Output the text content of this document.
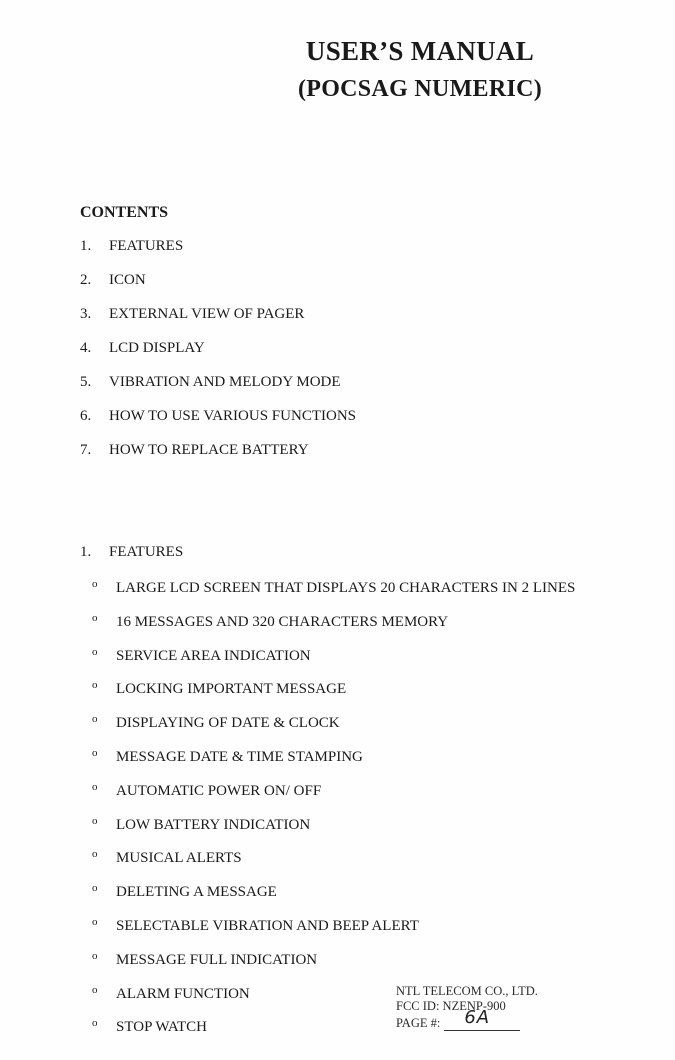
USER’S MANUAL
(POCSAG NUMERIC)
CONTENTS
1.	FEATURES
2.	ICON
3.	EXTERNAL VIEW OF PAGER
4.	LCD DISPLAY
5.	VIBRATION AND MELODY MODE
6.	HOW TO USE VARIOUS FUNCTIONS
7.	HOW TO REPLACE BATTERY
1.	FEATURES
o	LARGE LCD SCREEN THAT DISPLAYS 20 CHARACTERS IN 2 LINES
o	16 MESSAGES AND 320 CHARACTERS MEMORY
o	SERVICE AREA INDICATION
o	LOCKING IMPORTANT MESSAGE
o	DISPLAYING OF DATE & CLOCK
o	MESSAGE DATE & TIME STAMPING
o	AUTOMATIC POWER ON/ OFF
o	LOW BATTERY INDICATION
o	MUSICAL ALERTS
o	DELETING A MESSAGE
o	SELECTABLE VIBRATION AND BEEP ALERT
o	MESSAGE FULL INDICATION
o	ALARM FUNCTION
o	STOP WATCH
NTL TELECOM CO., LTD.
FCC ID: NZENP-900
PAGE #: 6A
